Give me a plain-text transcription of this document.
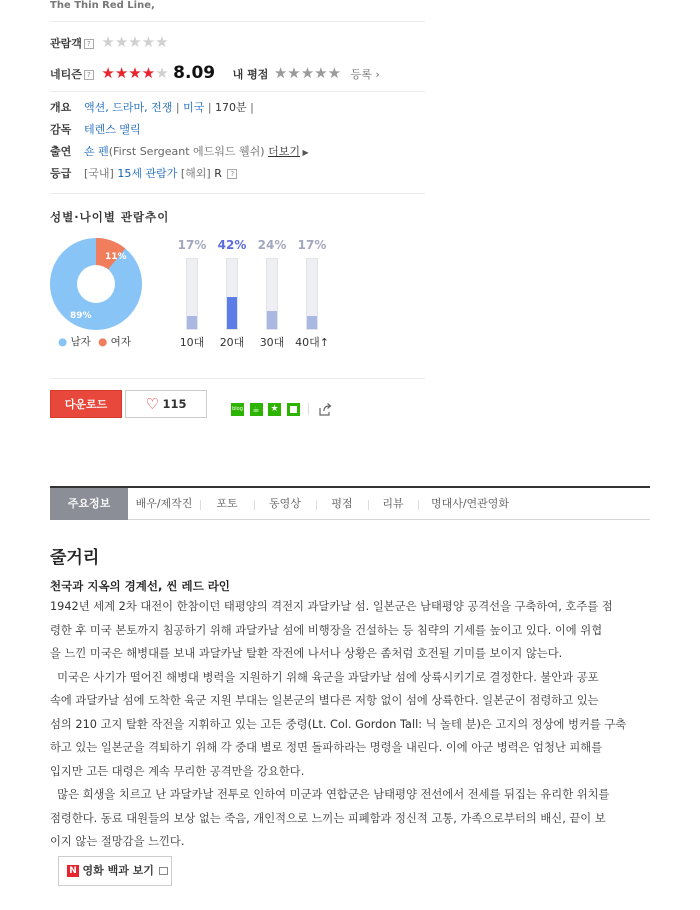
The Thin Red Line,
관람객 ? ★★★★★
네티즌 ? ★★★★★ 8.09 내 평점 ★★★★★ 등록 ›
개요 액션, 드라마, 전쟁 | 미국 | 170분 |
감독 테렌스 맬릭
출연 숀 펜(First Sergeant 에드워드 웰쉬) 더보기 ▶
등급 [국내] 15세 관람가 [해외] R ?
성별·나이별 관람추이
11%
89%
● 남자 ● 여자
17%
10대
42%
20대
24%
30대
17%
40대↑
다운로드	♡ 115	blog ☕ ★

주요정보	배우/제작진	포토	동영상	평점	리뷰	명대사/연관영화
줄거리
천국과 지옥의 경계선, 씬 레드 라인
1942년 세계 2차 대전이 한참이던 태평양의 격전지 과달카날 섬. 일본군은 남태평양 공격선을 구축하여, 호주를 점
령한 후 미국 본토까지 침공하기 위해 과달카날 섬에 비행장을 건설하는 등 침략의 기세를 높이고 있다. 이에 위협
을 느낀 미국은 해병대를 보내 과달카날 탈환 작전에 나서나 상황은 좀처럼 호전될 기미를 보이지 않는다.
미국은 사기가 떨어진 해병대 병력을 지원하기 위해 육군을 과달카날 섬에 상륙시키기로 결정한다. 불안과 공포
속에 과달카날 섬에 도착한 육군 지원 부대는 일본군의 별다른 저항 없이 섬에 상륙한다. 일본군이 점령하고 있는
섬의 210 고지 탈환 작전을 지휘하고 있는 고든 중령(Lt. Col. Gordon Tall: 닉 놀테 분)은 고지의 정상에 벙커를 구축
하고 있는 일본군을 격퇴하기 위해 각 중대 별로 정면 돌파하라는 명령을 내린다. 이에 아군 병력은 엄청난 피해를
입지만 고든 대령은 계속 무리한 공격만을 강요한다.
많은 희생을 치르고 난 과달카날 전투로 인하여 미군과 연합군은 남태평양 전선에서 전세를 뒤집는 유리한 위치를
점령한다. 동료 대원들의 보상 없는 죽음, 개인적으로 느끼는 피폐함과 정신적 고통, 가족으로부터의 배신, 끝이 보
이지 않는 절망감을 느낀다.
N 영화 백과 보기
